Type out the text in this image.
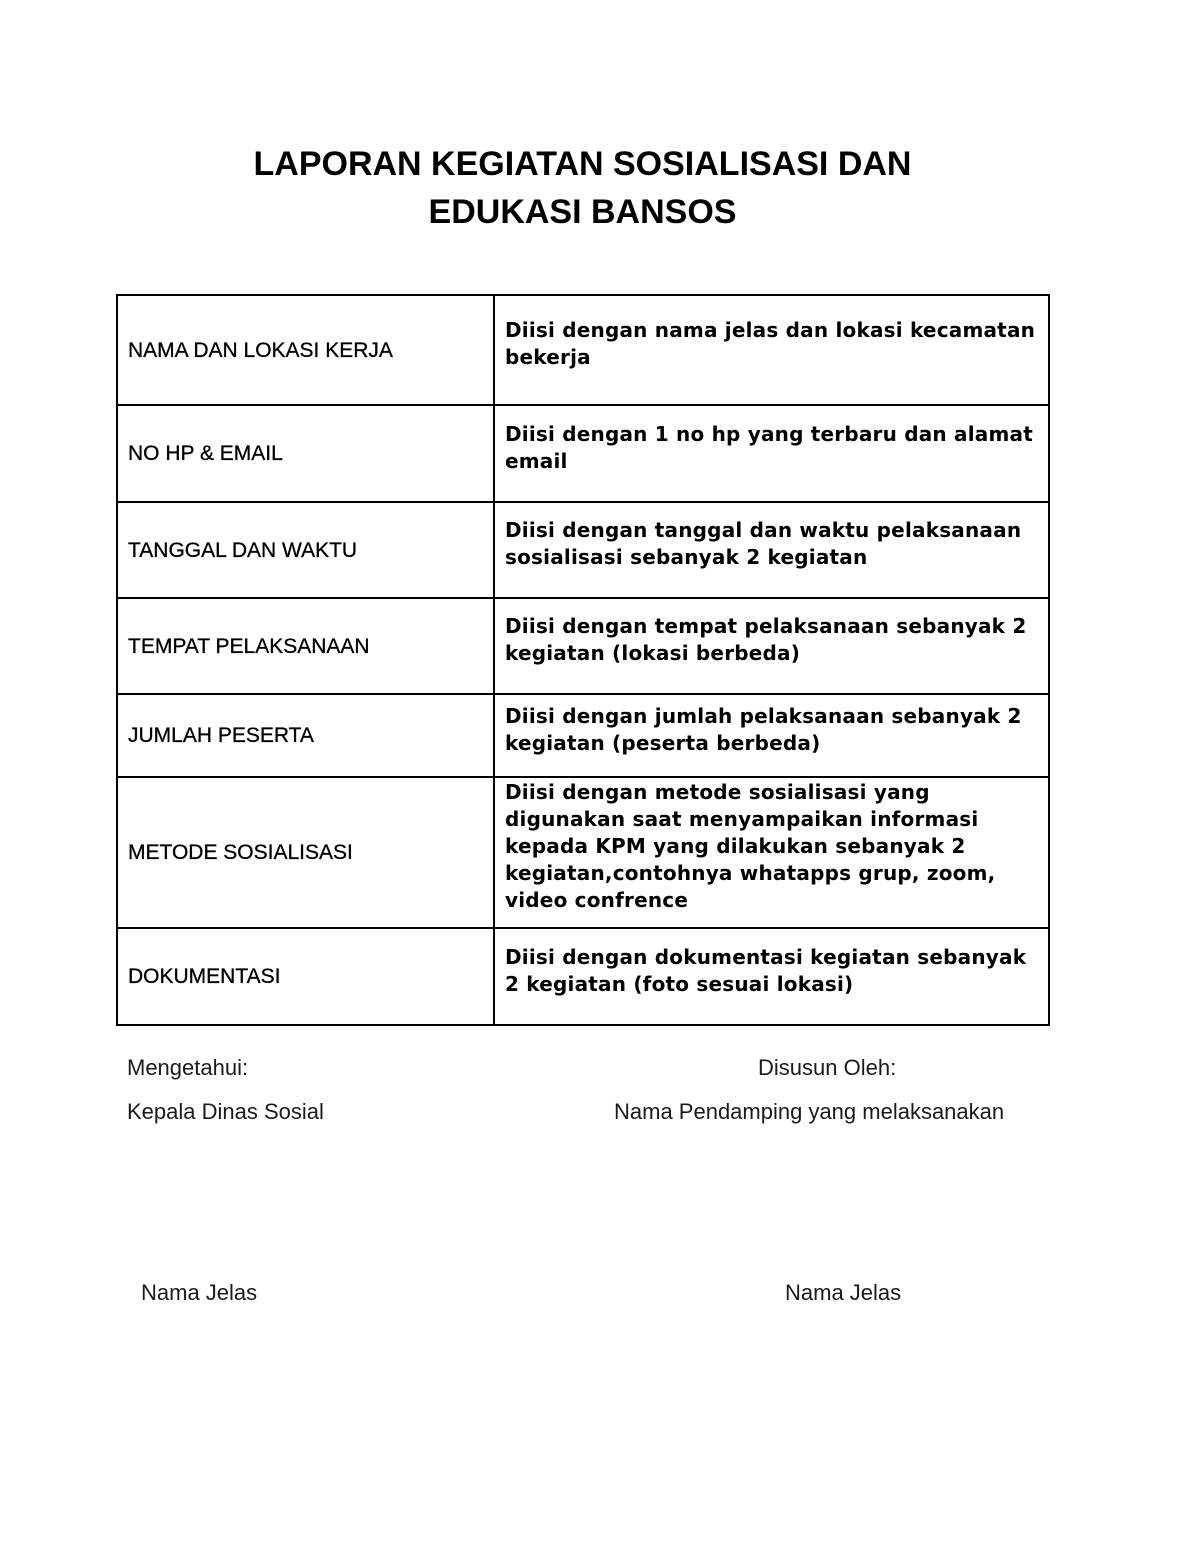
LAPORAN KEGIATAN SOSIALISASI DAN
EDUKASI BANSOS
NAMA DAN LOKASI KERJA	Diisi dengan nama jelas dan lokasi kecamatan bekerja

NO HP & EMAIL	Diisi dengan 1 no hp yang terbaru dan alamat email

TANGGAL DAN WAKTU	Diisi dengan tanggal dan waktu pelaksanaan sosialisasi sebanyak 2 kegiatan

TEMPAT PELAKSANAAN	Diisi dengan tempat pelaksanaan sebanyak 2 kegiatan (lokasi berbeda)

JUMLAH PESERTA	Diisi dengan jumlah pelaksanaan sebanyak 2 kegiatan (peserta berbeda)

METODE SOSIALISASI	Diisi dengan metode sosialisasi yang digunakan saat menyampaikan informasi kepada KPM yang dilakukan sebanyak 2 kegiatan,contohnya whatapps grup, zoom, video confrence

DOKUMENTASI	Diisi dengan dokumentasi kegiatan sebanyak 2 kegiatan (foto sesuai lokasi)
Mengetahui:
Kepala Dinas Sosial
Nama Jelas
Disusun Oleh:
Nama Pendamping yang melaksanakan
Nama Jelas
